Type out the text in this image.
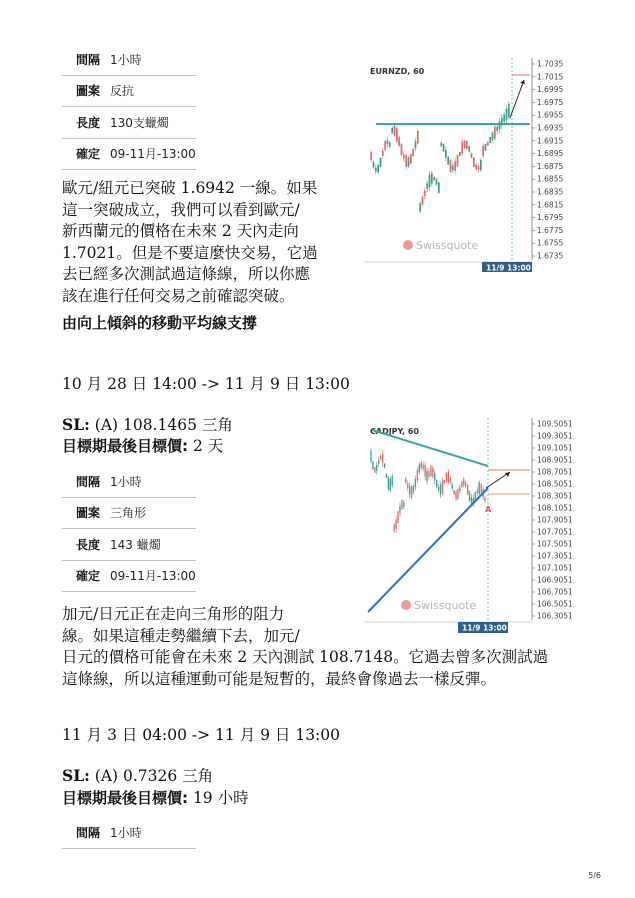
間隔 1小時
圖案 反抗
長度 130支蠟燭
確定 09-11月-13:00
歐元/紐元已突破 1.6942 一線。如果
這一突破成立，我們可以看到歐元/
新西蘭元的價格在未來 2 天內走向
1.7021。但是不要這麼快交易，它過
去已經多次測試過這條線，所以你應
該在進行任何交易之前確認突破。
由向上傾斜的移動平均線支撐
10 月 28 日 14:00 -> 11 月 9 日 13:00
SL: (A) 108.1465 三角
目標期最後目標價: 2 天
間隔 1小時
圖案 三角形
長度 143 蠟燭
確定 09-11月-13:00
加元/日元正在走向三角形的阻力
線。如果這種走勢繼續下去，加元/
日元的價格可能會在未來 2 天內測試 108.7148。它過去曾多次測試過
這條線，所以這種運動可能是短暫的，最終會像過去一樣反彈。
11 月 3 日 04:00 -> 11 月 9 日 13:00
SL: (A) 0.7326 三角
目標期最後目標價: 19 小時
間隔 1小時
1.7035
1.7015
1.6995
1.6975
1.6955
1.6935
1.6915
1.6895
1.6875
1.6855
1.6835
1.6815
1.6795
1.6775
1.6755
1.6735
EURNZD, 60
11/9 13:00
Swissquote
109.5051
109.3051
109.1051
108.9051
108.7051
108.5051
108.3051
108.1051
107.9051
107.7051
107.5051
107.3051
107.1051
106.9051
106.7051
106.5051
106.3051
CADJPY, 60
11/9 13:00
Swissquote
A
5/6
